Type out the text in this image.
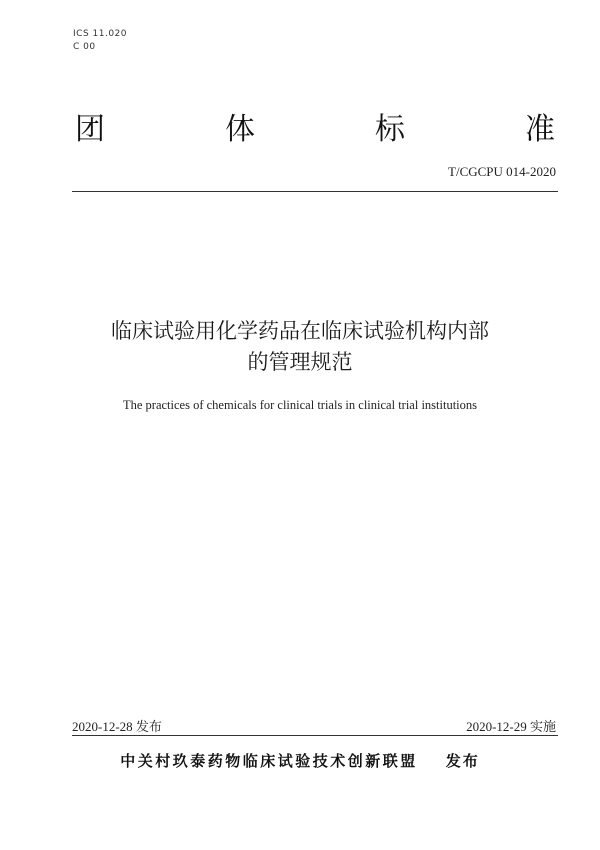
ICS 11.020
C 00
团	体	标	准
T/CGCPU 014-2020
临床试验用化学药品在临床试验机构内部
的管理规范
The practices of chemicals for clinical trials in clinical trial institutions
2020-12-28 发布	2020-12-29 实施
中关村玖泰药物临床试验技术创新联盟 发布
